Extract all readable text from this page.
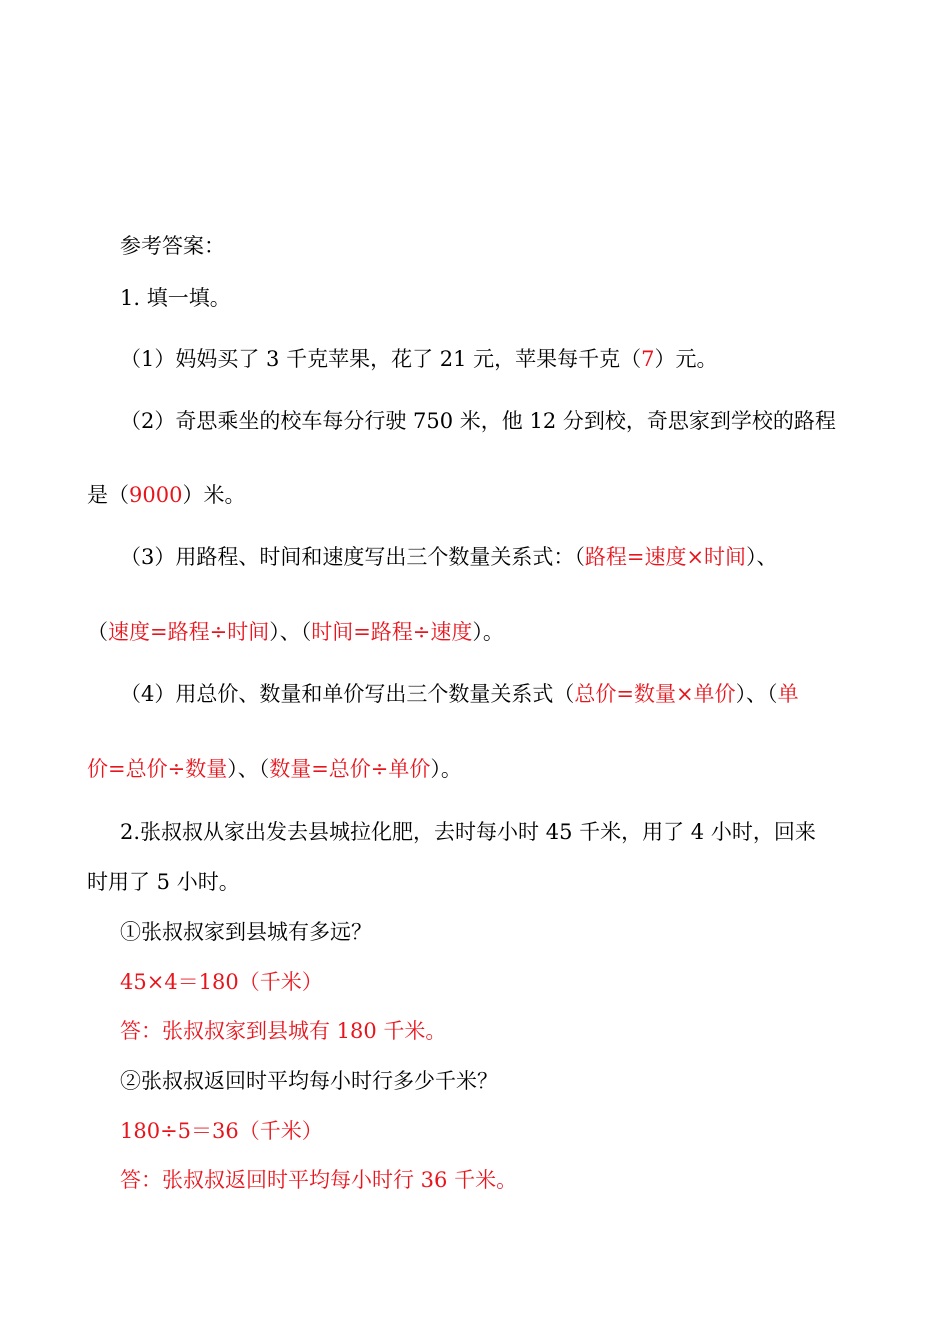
参考答案：
1. 填一填。
（1）妈妈买了 3 千克苹果，花了 21 元，苹果每千克（7）元。
（2）奇思乘坐的校车每分行驶 750 米，他 12 分到校，奇思家到学校的路程
是（9000）米。
（3）用路程、时间和速度写出三个数量关系式：（路程=速度×时间）、
（速度=路程÷时间）、（时间=路程÷速度）。
（4）用总价、数量和单价写出三个数量关系式（总价=数量×单价）、（单
价=总价÷数量）、（数量=总价÷单价）。
2.张叔叔从家出发去县城拉化肥，去时每小时 45 千米，用了 4 小时，回来
时用了 5 小时。
①张叔叔家到县城有多远？
45×4＝180（千米）
答：张叔叔家到县城有 180 千米。
②张叔叔返回时平均每小时行多少千米？
180÷5＝36（千米）
答：张叔叔返回时平均每小时行 36 千米。
